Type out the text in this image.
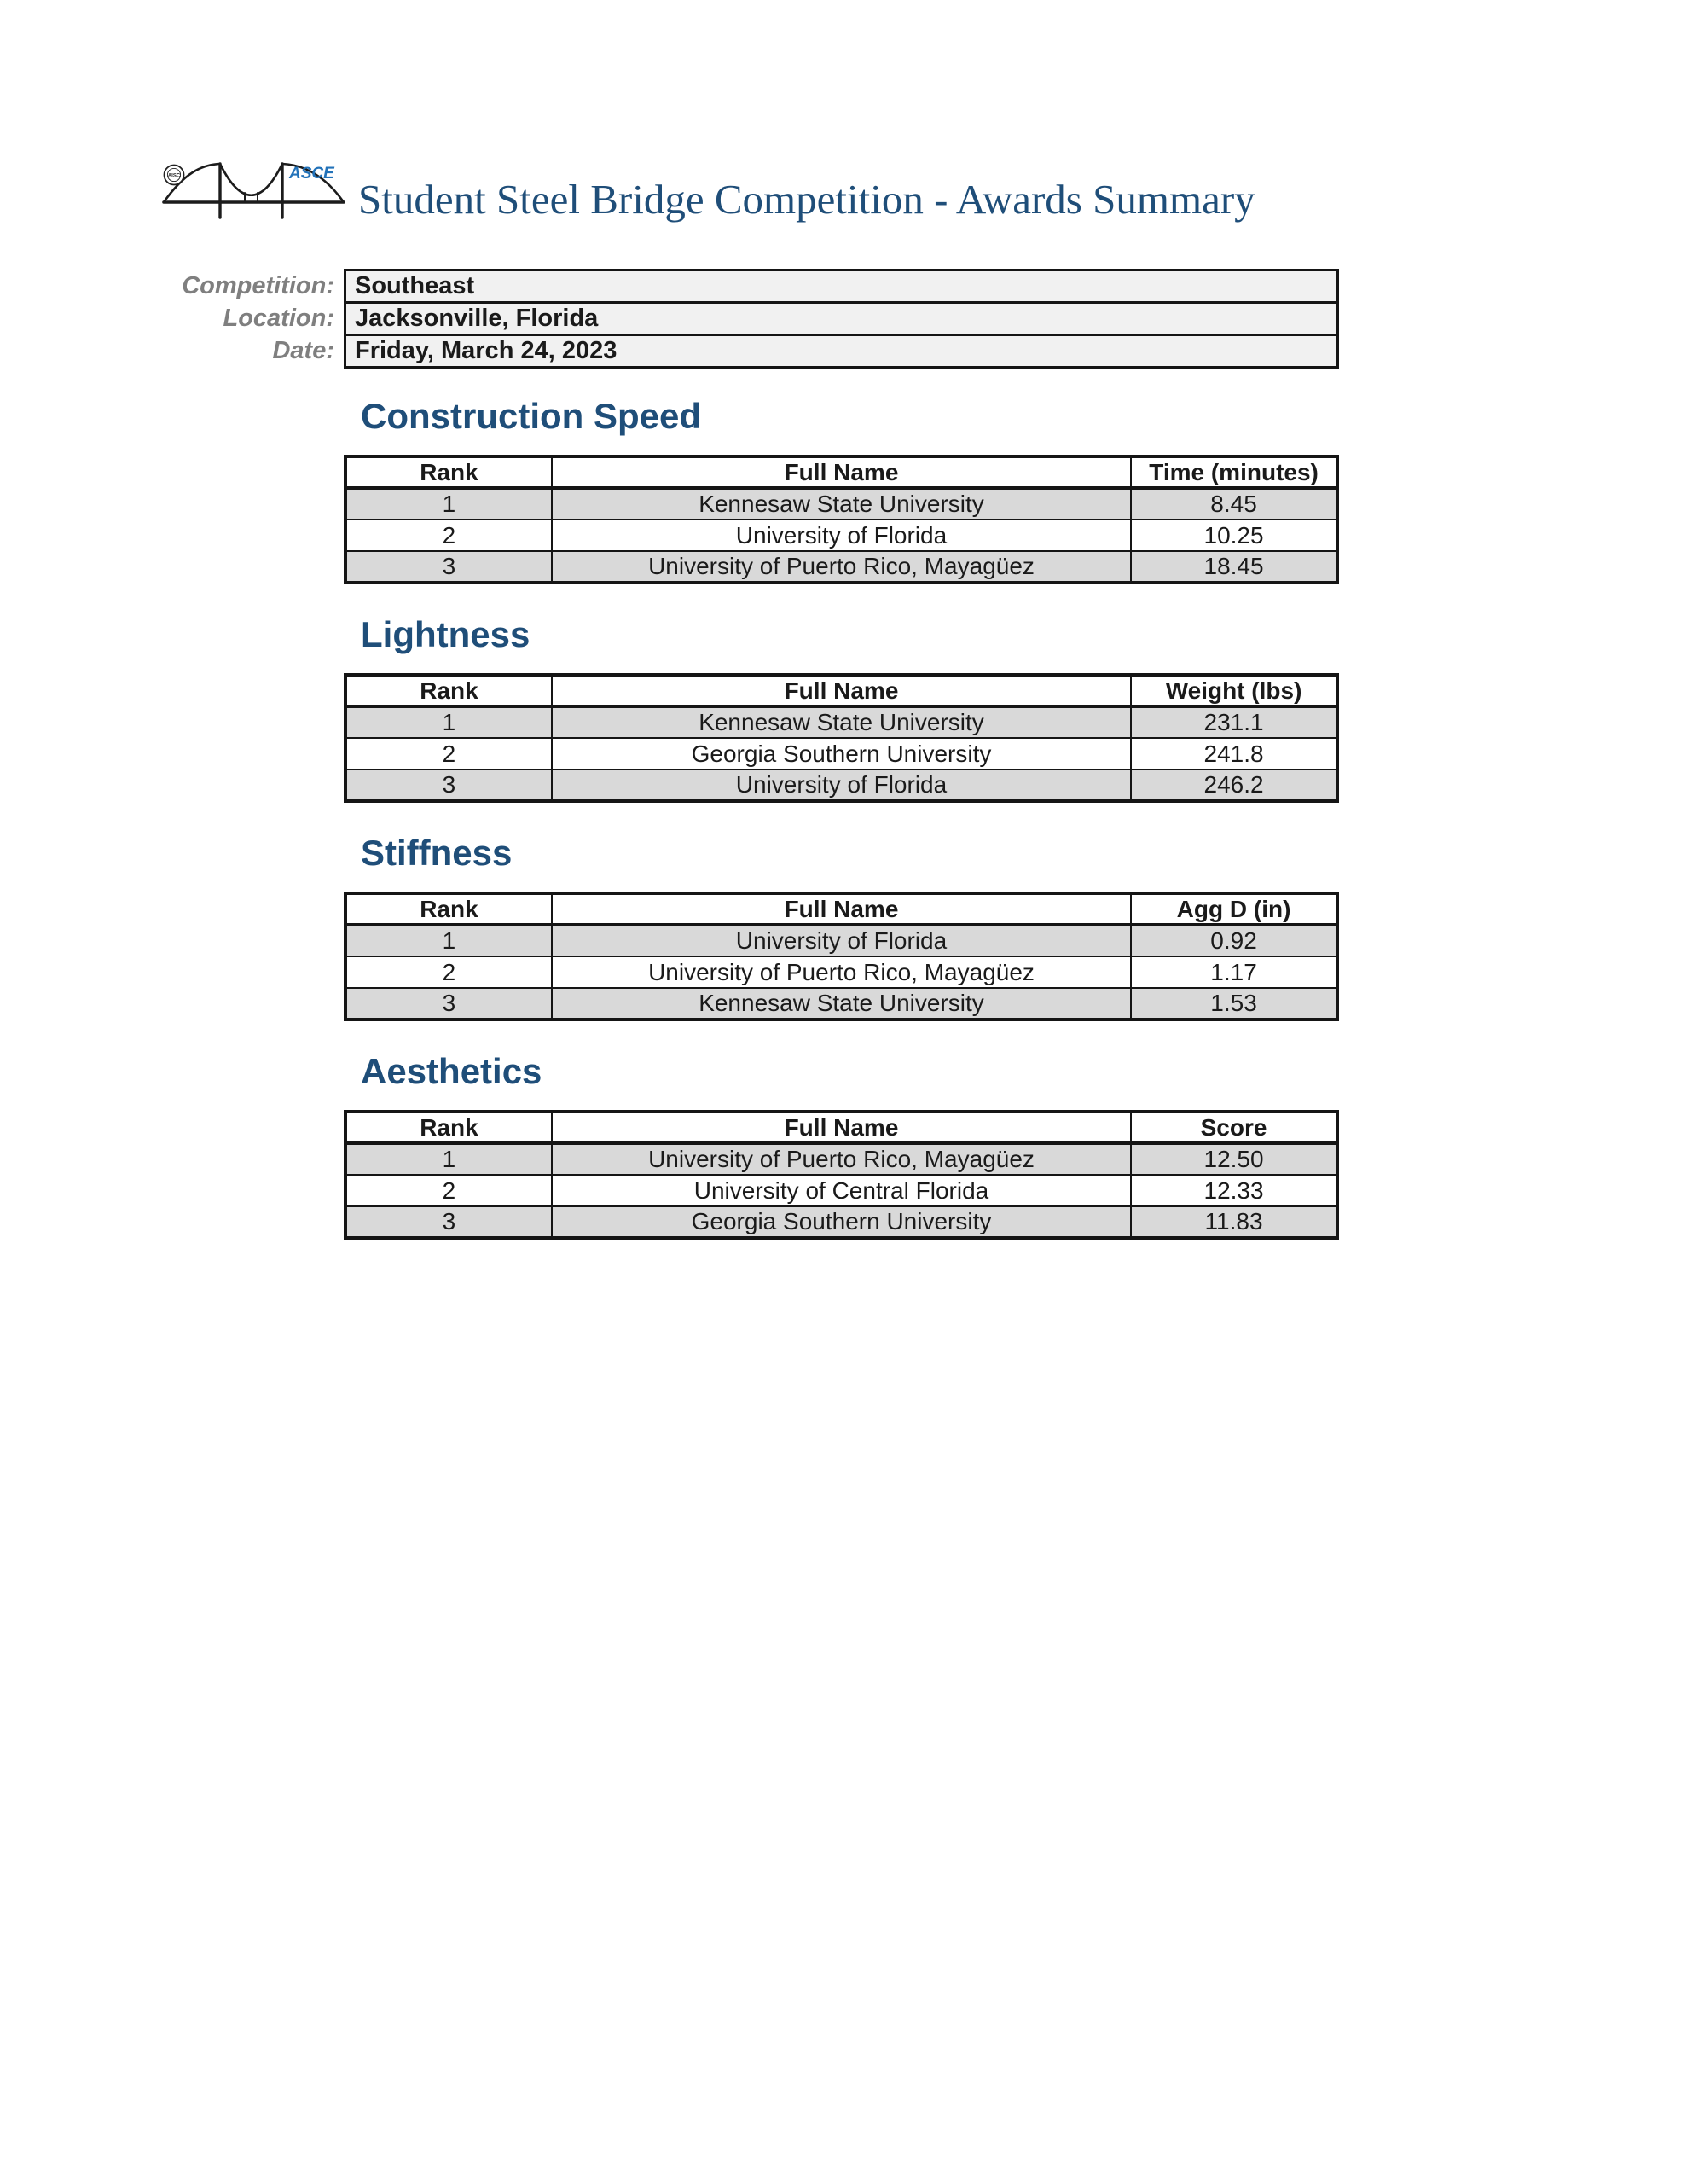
AISC	ASCE
Student Steel Bridge Competition - Awards Summary
Competition: Southeast
Location: Jacksonville, Florida
Date: Friday, March 24, 2023
Construction Speed
Rank	Full Name	Time (minutes)
1	Kennesaw State University	8.45
2	University of Florida	10.25
3	University of Puerto Rico, Mayagüez	18.45
Lightness
Rank	Full Name	Weight (lbs)
1	Kennesaw State University	231.1
2	Georgia Southern University	241.8
3	University of Florida	246.2
Stiffness
Rank	Full Name	Agg D (in)
1	University of Florida	0.92
2	University of Puerto Rico, Mayagüez	1.17
3	Kennesaw State University	1.53
Aesthetics
Rank	Full Name	Score
1	University of Puerto Rico, Mayagüez	12.50
2	University of Central Florida	12.33
3	Georgia Southern University	11.83
